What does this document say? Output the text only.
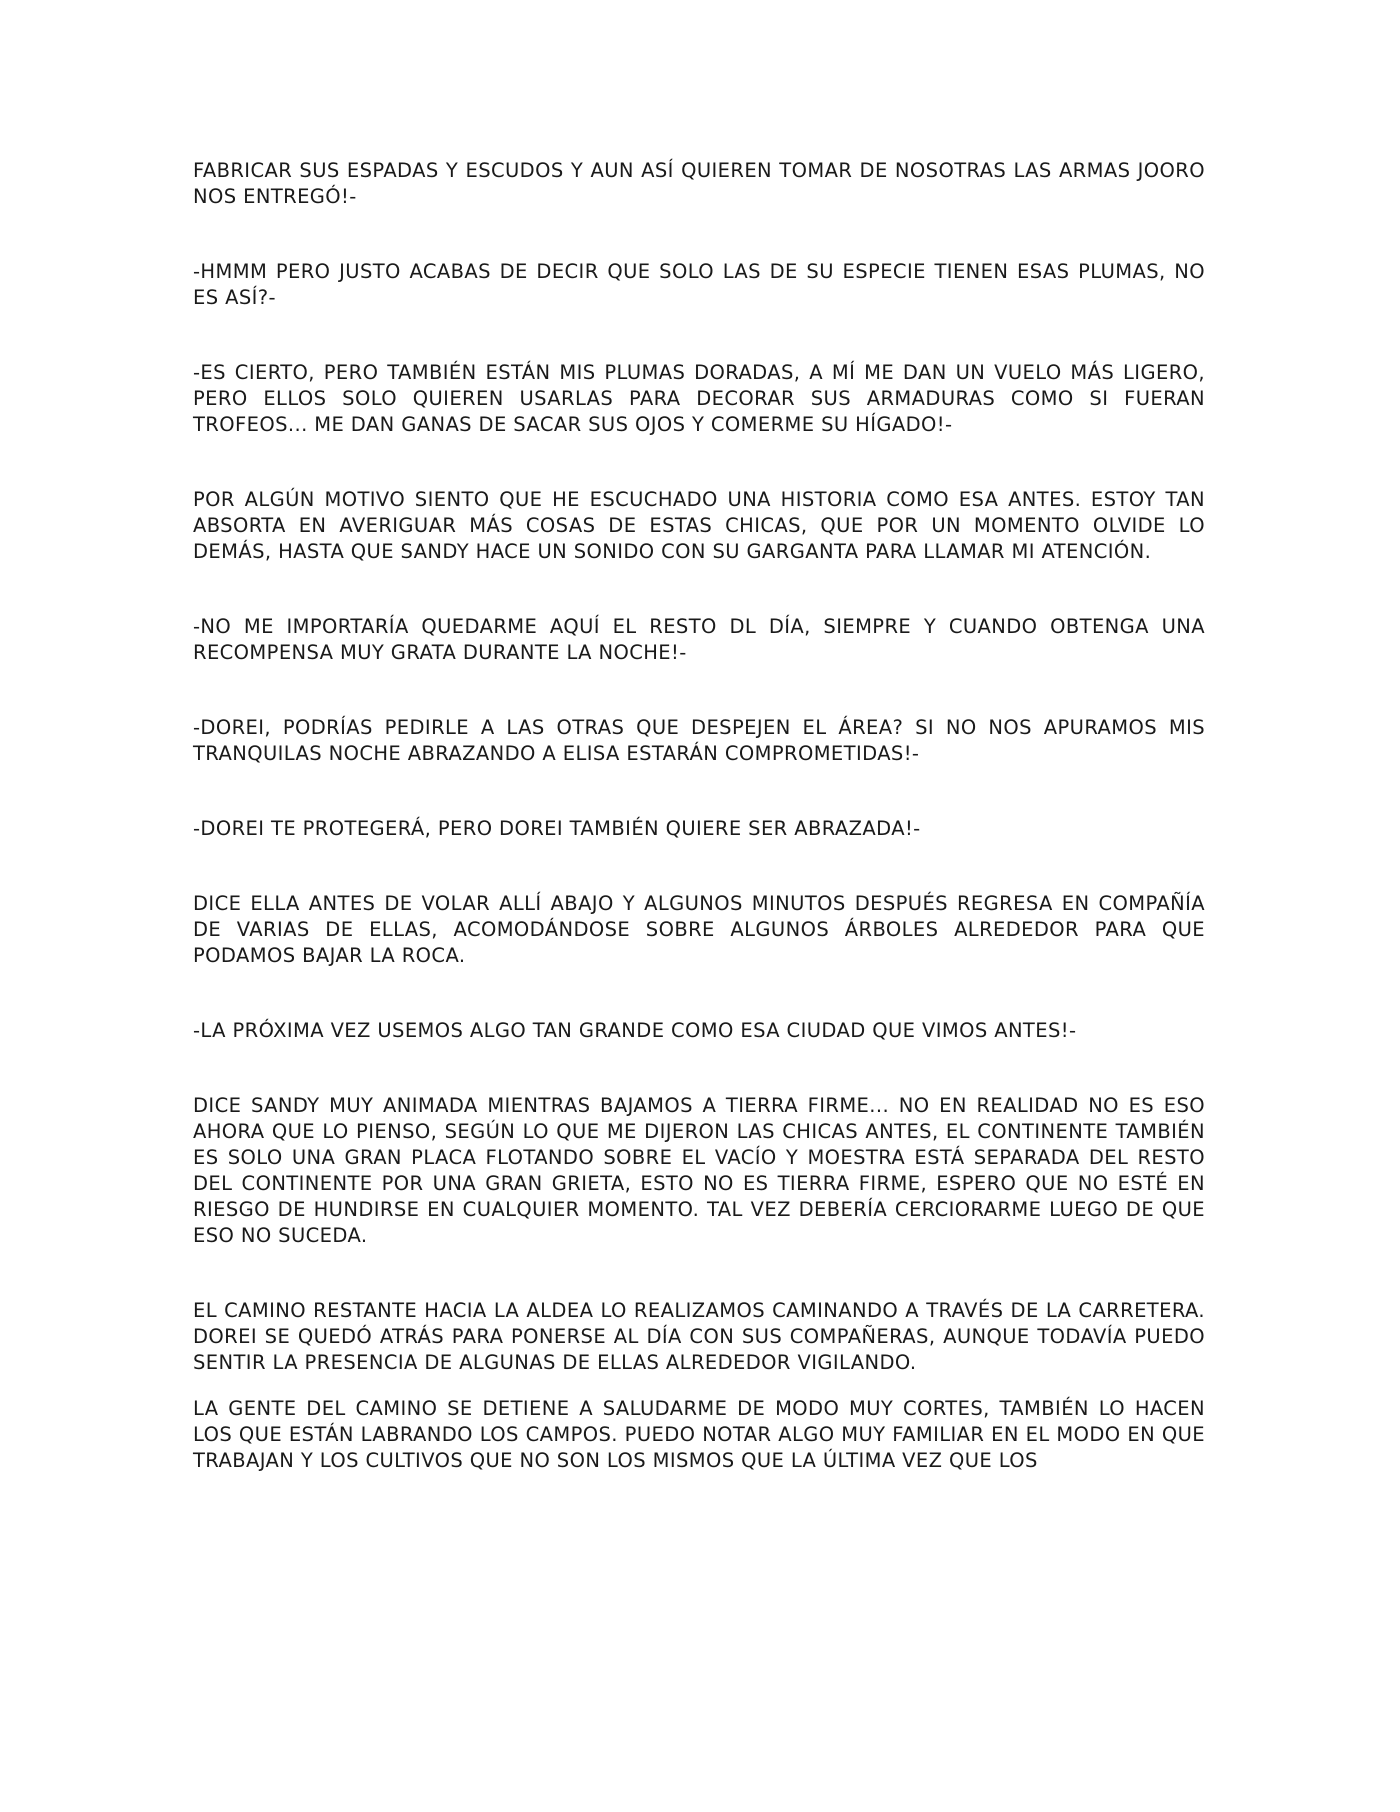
FABRICAR SUS ESPADAS Y ESCUDOS Y AUN ASÍ QUIEREN TOMAR DE NOSOTRAS LAS ARMAS JOORO NOS ENTREGÓ!-

-HMMM PERO JUSTO ACABAS DE DECIR QUE SOLO LAS DE SU ESPECIE TIENEN ESAS PLUMAS, NO ES ASÍ?-

-ES CIERTO, PERO TAMBIÉN ESTÁN MIS PLUMAS DORADAS, A MÍ ME DAN UN VUELO MÁS LIGERO, PERO ELLOS SOLO QUIEREN USARLAS PARA DECORAR SUS ARMADURAS COMO SI FUERAN TROFEOS... ME DAN GANAS DE SACAR SUS OJOS Y COMERME SU HÍGADO!-

POR ALGÚN MOTIVO SIENTO QUE HE ESCUCHADO UNA HISTORIA COMO ESA ANTES. ESTOY TAN ABSORTA EN AVERIGUAR MÁS COSAS DE ESTAS CHICAS, QUE POR UN MOMENTO OLVIDE LO DEMÁS, HASTA QUE SANDY HACE UN SONIDO CON SU GARGANTA PARA LLAMAR MI ATENCIÓN.

-NO ME IMPORTARÍA QUEDARME AQUÍ EL RESTO DL DÍA, SIEMPRE Y CUANDO OBTENGA UNA RECOMPENSA MUY GRATA DURANTE LA NOCHE!-

-DOREI, PODRÍAS PEDIRLE A LAS OTRAS QUE DESPEJEN EL ÁREA? SI NO NOS APURAMOS MIS TRANQUILAS NOCHE ABRAZANDO A ELISA ESTARÁN COMPROMETIDAS!-

-DOREI TE PROTEGERÁ, PERO DOREI TAMBIÉN QUIERE SER ABRAZADA!-

DICE ELLA ANTES DE VOLAR ALLÍ ABAJO Y ALGUNOS MINUTOS DESPUÉS REGRESA EN COMPAÑÍA DE VARIAS DE ELLAS, ACOMODÁNDOSE SOBRE ALGUNOS ÁRBOLES ALREDEDOR PARA QUE PODAMOS BAJAR LA ROCA.

-LA PRÓXIMA VEZ USEMOS ALGO TAN GRANDE COMO ESA CIUDAD QUE VIMOS ANTES!-

DICE SANDY MUY ANIMADA MIENTRAS BAJAMOS A TIERRA FIRME... NO EN REALIDAD NO ES ESO AHORA QUE LO PIENSO, SEGÚN LO QUE ME DIJERON LAS CHICAS ANTES, EL CONTINENTE TAMBIÉN ES SOLO UNA GRAN PLACA FLOTANDO SOBRE EL VACÍO Y MOESTRA ESTÁ SEPARADA DEL RESTO DEL CONTINENTE POR UNA GRAN GRIETA, ESTO NO ES TIERRA FIRME, ESPERO QUE NO ESTÉ EN RIESGO DE HUNDIRSE EN CUALQUIER MOMENTO. TAL VEZ DEBERÍA CERCIORARME LUEGO DE QUE ESO NO SUCEDA.

EL CAMINO RESTANTE HACIA LA ALDEA LO REALIZAMOS CAMINANDO A TRAVÉS DE LA CARRETERA. DOREI SE QUEDÓ ATRÁS PARA PONERSE AL DÍA CON SUS COMPAÑERAS, AUNQUE TODAVÍA PUEDO SENTIR LA PRESENCIA DE ALGUNAS DE ELLAS ALREDEDOR VIGILANDO.

LA GENTE DEL CAMINO SE DETIENE A SALUDARME DE MODO MUY CORTES, TAMBIÉN LO HACEN LOS QUE ESTÁN LABRANDO LOS CAMPOS. PUEDO NOTAR ALGO MUY FAMILIAR EN EL MODO EN QUE TRABAJAN Y LOS CULTIVOS QUE NO SON LOS MISMOS QUE LA ÚLTIMA VEZ QUE LOS
